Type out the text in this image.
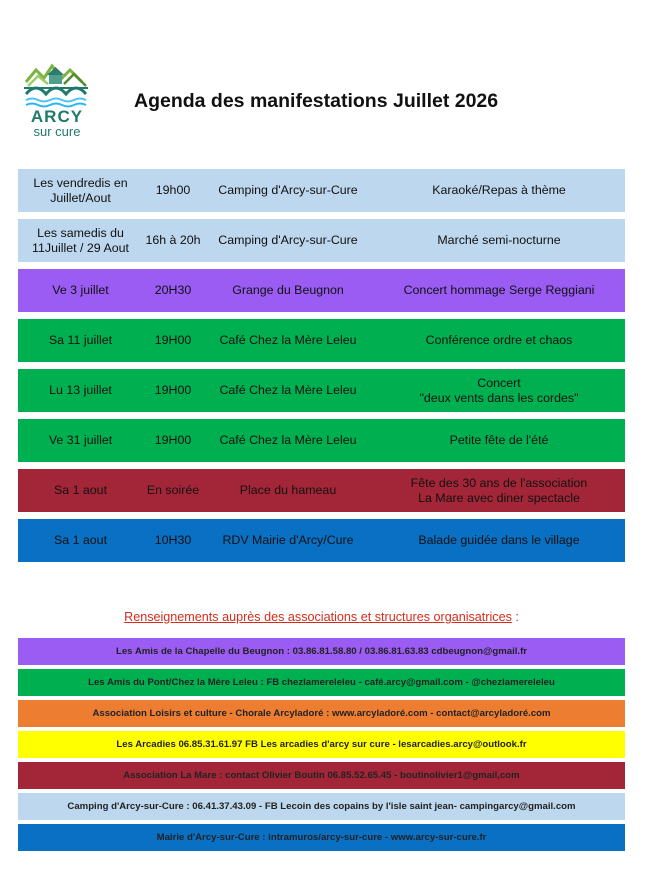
ARCY
sur cure
Agenda des manifestations Juillet 2026
Les vendredis en Juillet/Aout
19h00	Camping d'Arcy-sur-Cure	Karaoké/Repas à thème
Les samedis du 11Juillet / 29 Aout
16h à 20h	Camping d'Arcy-sur-Cure	Marché semi-nocturne
Ve 3 juillet	20H30	Grange du Beugnon	Concert hommage Serge Reggiani
Sa 11 juillet	19H00	Café Chez la Mère Leleu	Conférence ordre et chaos
Lu 13 juillet	19H00	Café Chez la Mère Leleu
Concert
"deux vents dans les cordes"
Ve 31 juillet	19H00	Café Chez la Mère Leleu	Petite fête de l'été
Sa 1 aout	En soirée	Place du hameau
Fête des 30 ans de l'association
La Mare avec diner spectacle
Sa 1 aout	10H30	RDV Mairie d'Arcy/Cure	Balade guidée dans le village
Renseignements auprès des associations et structures organisatrices :
Les Amis de la Chapelle du Beugnon : 03.86.81.58.80 / 03.86.81.63.83 cdbeugnon@gmail.fr
Les Amis du Pont/Chez la Mère Leleu : FB chezlamereleleu - café.arcy@gmail.com - @chezlamereleleu
Association Loisirs et culture - Chorale Arcyladoré : www.arcyladoré.com - contact@arcyladoré.com
Les Arcadies 06.85.31.61.97 FB Les arcadies d'arcy sur cure - lesarcadies.arcy@outlook.fr
Association La Mare : contact Olivier Boutin 06.85.52.65.45 - boutinolivier1@gmail,com
Camping d'Arcy-sur-Cure : 06.41.37.43.09 - FB Lecoin des copains by l'isle saint jean- campingarcy@gmail.com
Mairie d'Arcy-sur-Cure : intramuros/arcy-sur-cure - www.arcy-sur-cure.fr
